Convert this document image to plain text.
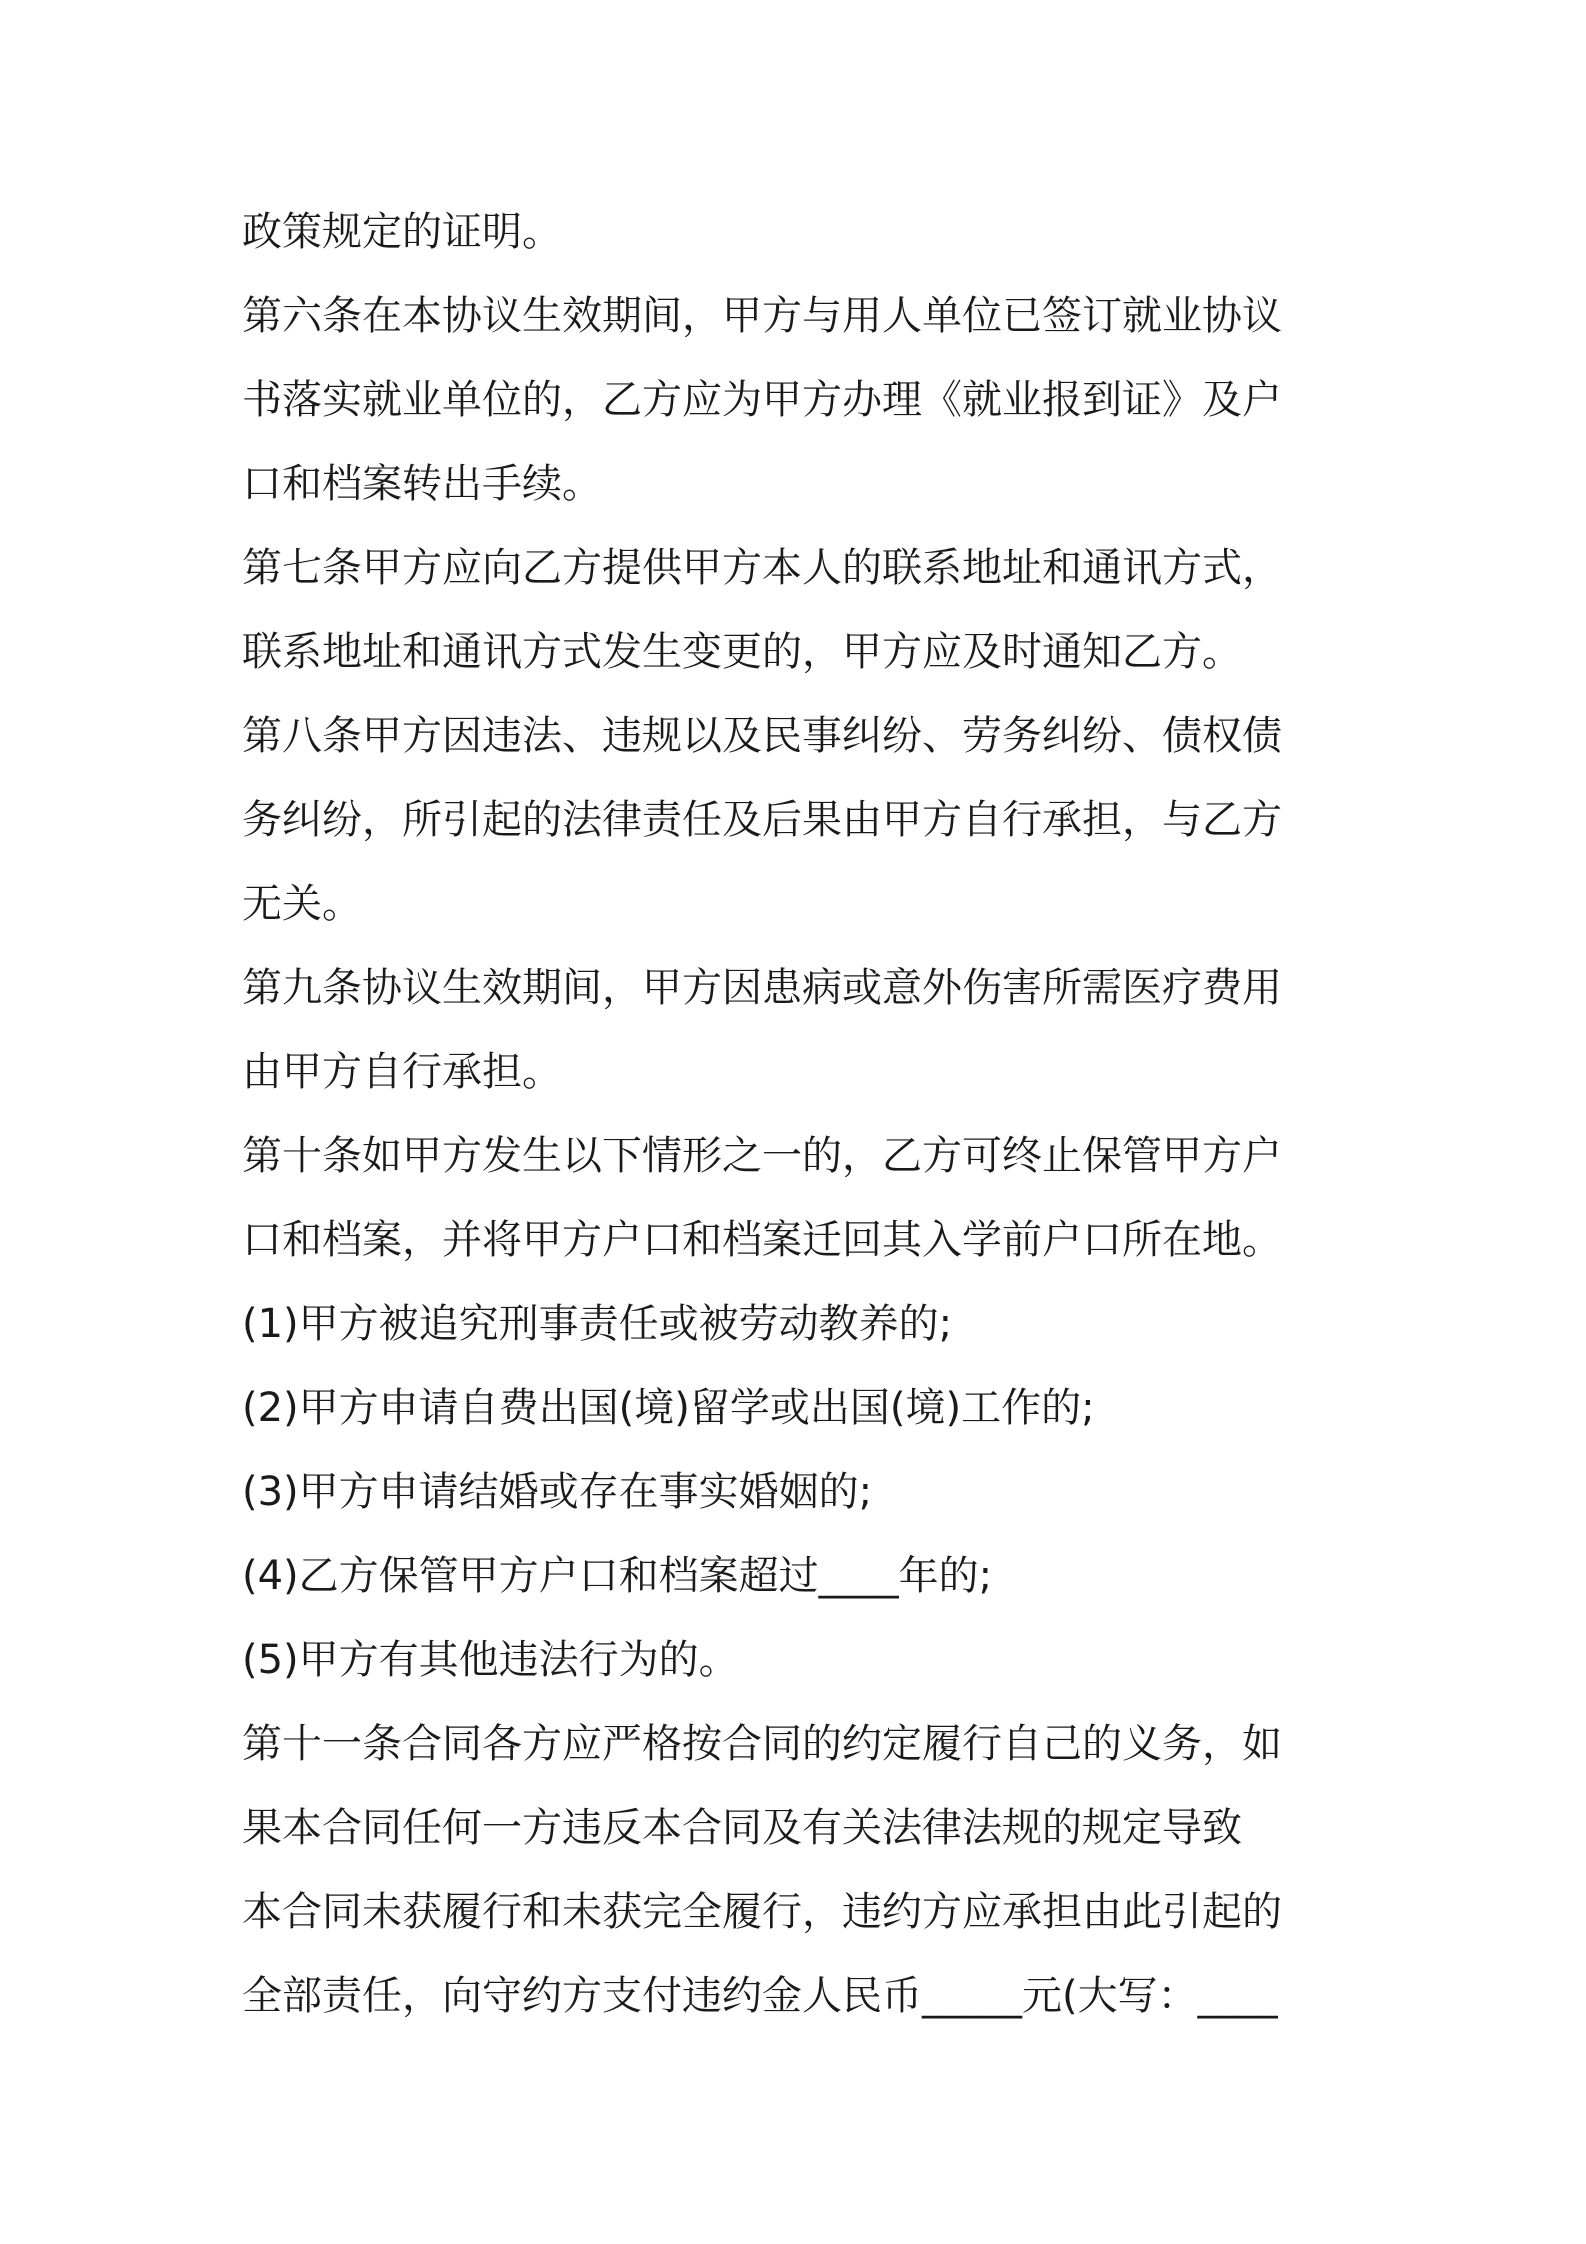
政策规定的证明。
第六条在本协议生效期间，甲方与用人单位已签订就业协议
书落实就业单位的，乙方应为甲方办理《就业报到证》及户
口和档案转出手续。
第七条甲方应向乙方提供甲方本人的联系地址和通讯方式，
联系地址和通讯方式发生变更的，甲方应及时通知乙方。
第八条甲方因违法、违规以及民事纠纷、劳务纠纷、债权债
务纠纷，所引起的法律责任及后果由甲方自行承担，与乙方
无关。
第九条协议生效期间，甲方因患病或意外伤害所需医疗费用
由甲方自行承担。
第十条如甲方发生以下情形之一的，乙方可终止保管甲方户
口和档案，并将甲方户口和档案迁回其入学前户口所在地。
(1)甲方被追究刑事责任或被劳动教养的;
(2)甲方申请自费出国(境)留学或出国(境)工作的;
(3)甲方申请结婚或存在事实婚姻的;
(4)乙方保管甲方户口和档案超过____年的;
(5)甲方有其他违法行为的。
第十一条合同各方应严格按合同的约定履行自己的义务，如
果本合同任何一方违反本合同及有关法律法规的规定导致
本合同未获履行和未获完全履行，违约方应承担由此引起的
全部责任，向守约方支付违约金人民币_____元(大写：____
